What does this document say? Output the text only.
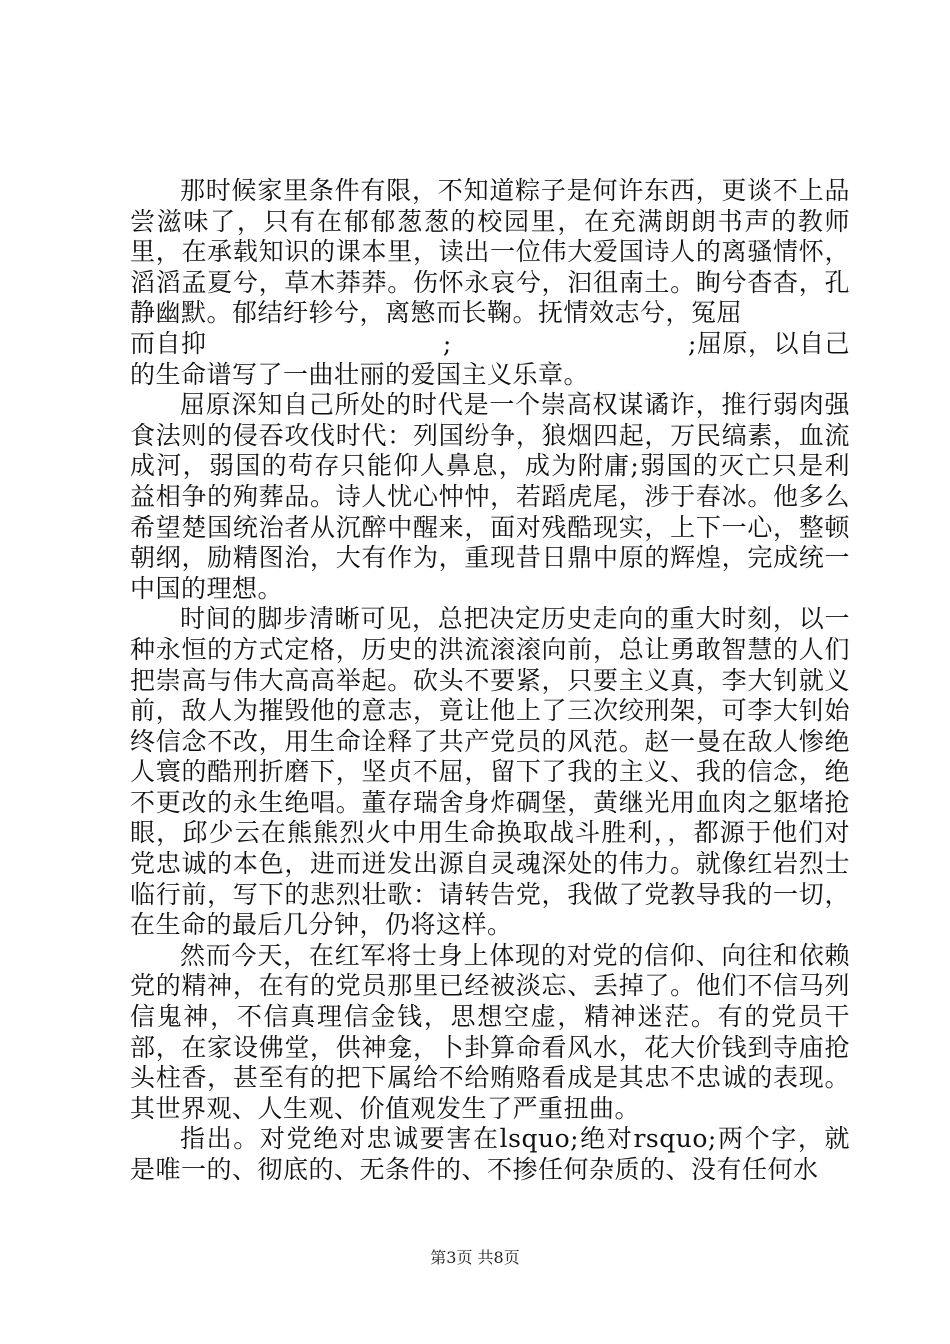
那时候家里条件有限，不知道粽子是何许东西，更谈不上品尝滋味了，只有在郁郁葱葱的校园里，在充满朗朗书声的教师里，在承载知识的课本里，读出一位伟大爱国诗人的离骚情怀，滔滔孟夏兮，草木莽莽。伤怀永哀兮，汩徂南土。眴兮杳杳，孔静幽默。郁结纡轸兮，离慜而长鞠。抚情效志兮，冤屈

而自抑	;	;屈原，以自己
的生命谱写了一曲壮丽的爱国主义乐章。

屈原深知自己所处的时代是一个崇高权谋谲诈，推行弱肉强食法则的侵吞攻伐时代：列国纷争，狼烟四起，万民缟素，血流成河，弱国的苟存只能仰人鼻息，成为附庸;弱国的灭亡只是利益相争的殉葬品。诗人忧心忡忡，若蹈虎尾，涉于春冰。他多么希望楚国统治者从沉醉中醒来，面对残酷现实，上下一心，整顿朝纲，励精图治，大有作为，重现昔日鼎中原的辉煌，完成统一中国的理想。

时间的脚步清晰可见，总把决定历史走向的重大时刻，以一种永恒的方式定格，历史的洪流滚滚向前，总让勇敢智慧的人们把崇高与伟大高高举起。砍头不要紧，只要主义真，李大钊就义前，敌人为摧毁他的意志，竟让他上了三次绞刑架，可李大钊始终信念不改，用生命诠释了共产党员的风范。赵一曼在敌人惨绝人寰的酷刑折磨下，坚贞不屈，留下了我的主义、我的信念，绝不更改的永生绝唱。董存瑞舍身炸碉堡，黄继光用血肉之躯堵抢眼，邱少云在熊熊烈火中用生命换取战斗胜利，，都源于他们对党忠诚的本色，进而迸发出源自灵魂深处的伟力。就像红岩烈士临行前，写下的悲烈壮歌：请转告党，我做了党教导我的一切，在生命的最后几分钟，仍将这样。

然而今天，在红军将士身上体现的对党的信仰、向往和依赖党的精神，在有的党员那里已经被淡忘、丢掉了。他们不信马列信鬼神，不信真理信金钱，思想空虚，精神迷茫。有的党员干部，在家设佛堂，供神龛，卜卦算命看风水，花大价钱到寺庙抢头柱香，甚至有的把下属给不给贿赂看成是其忠不忠诚的表现。其世界观、人生观、价值观发生了严重扭曲。

指出。对党绝对忠诚要害在lsquo;绝对rsquo;两个字，就是唯一的、彻底的、无条件的、不掺任何杂质的、没有任何水

第3页 共8页
